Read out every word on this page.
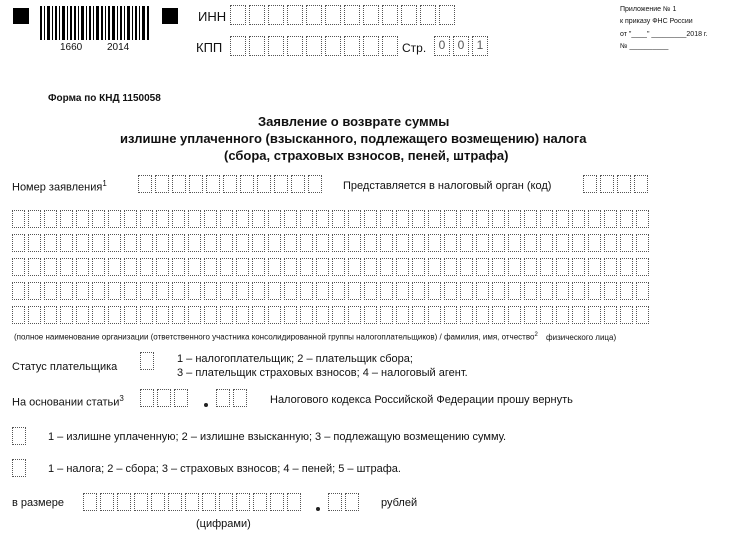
1660 2014
ИНН
КПП	Стр.	0	0	1
Приложение № 1
к приказу ФНС России
от "____" _________2018 г.
№ __________
Форма по КНД 1150058
Заявление о возврате суммы
излишне уплаченного (взысканного, подлежащего возмещению) налога
(сбора, страховых взносов, пеней, штрафа)
Номер заявления$^1$	Представляется в налоговый орган (код)
(полное наименование организации (ответственного участника консолидированной группы налогоплательщиков) / фамилия, имя, отчество$^2$ физического лица)
Статус плательщика
1 – налогоплательщик; 2 – плательщик сбора;
3 – плательщик страховых взносов; 4 – налоговый агент.
На основании статьи$^3$	Налогового кодекса Российской Федерации прошу вернуть
1 – излишне уплаченную; 2 – излишне взысканную; 3 – подлежащую возмещению сумму.
1 – налога; 2 – сбора; 3 – страховых взносов; 4 – пеней; 5 – штрафа.
в размере	рублей
(цифрами)
